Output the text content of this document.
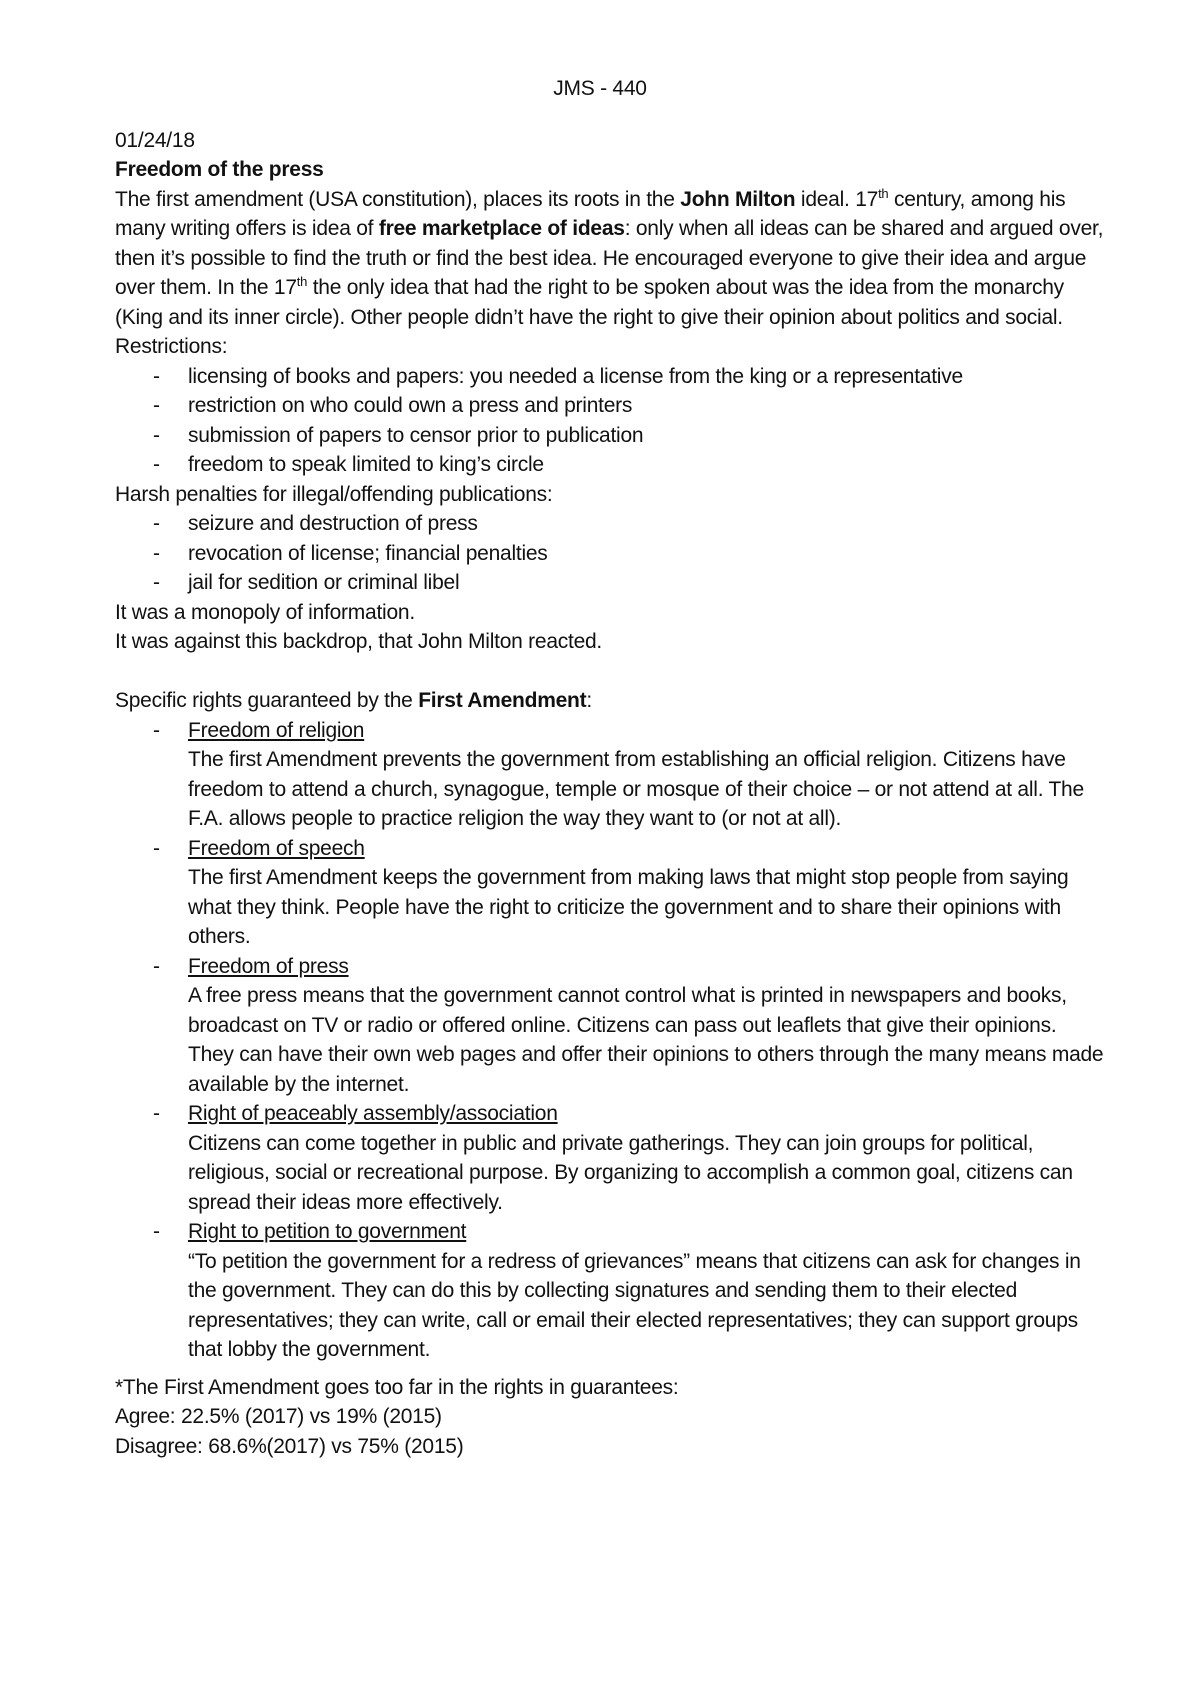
JMS - 440

01/24/18

Freedom of the press

The first amendment (USA constitution), places its roots in the John Milton ideal. 17th century, among his many writing offers is idea of free marketplace of ideas: only when all ideas can be shared and argued over, then it’s possible to find the truth or find the best idea. He encouraged everyone to give their idea and argue over them. In the 17th the only idea that had the right to be spoken about was the idea from the monarchy (King and its inner circle). Other people didn’t have the right to give their opinion about politics and social. Restrictions:

- licensing of books and papers: you needed a license from the king or a representative
- restriction on who could own a press and printers
- submission of papers to censor prior to publication
- freedom to speak limited to king’s circle

Harsh penalties for illegal/offending publications:

- seizure and destruction of press
- revocation of license; financial penalties
- jail for sedition or criminal libel

It was a monopoly of information.

It was against this backdrop, that John Milton reacted.

Specific rights guaranteed by the First Amendment:

- Freedom of religion
The first Amendment prevents the government from establishing an official religion. Citizens have freedom to attend a church, synagogue, temple or mosque of their choice – or not attend at all. The F.A. allows people to practice religion the way they want to (or not at all).
- Freedom of speech
The first Amendment keeps the government from making laws that might stop people from saying what they think. People have the right to criticize the government and to share their opinions with others.
- Freedom of press
A free press means that the government cannot control what is printed in newspapers and books, broadcast on TV or radio or offered online. Citizens can pass out leaflets that give their opinions. They can have their own web pages and offer their opinions to others through the many means made available by the internet.
- Right of peaceably assembly/association
Citizens can come together in public and private gatherings. They can join groups for political, religious, social or recreational purpose. By organizing to accomplish a common goal, citizens can spread their ideas more effectively.
- Right to petition to government
“To petition the government for a redress of grievances” means that citizens can ask for changes in the government. They can do this by collecting signatures and sending them to their elected representatives; they can write, call or email their elected representatives; they can support groups that lobby the government.

*The First Amendment goes too far in the rights in guarantees:

Agree: 22.5% (2017) vs 19% (2015)

Disagree: 68.6%(2017) vs 75% (2015)
